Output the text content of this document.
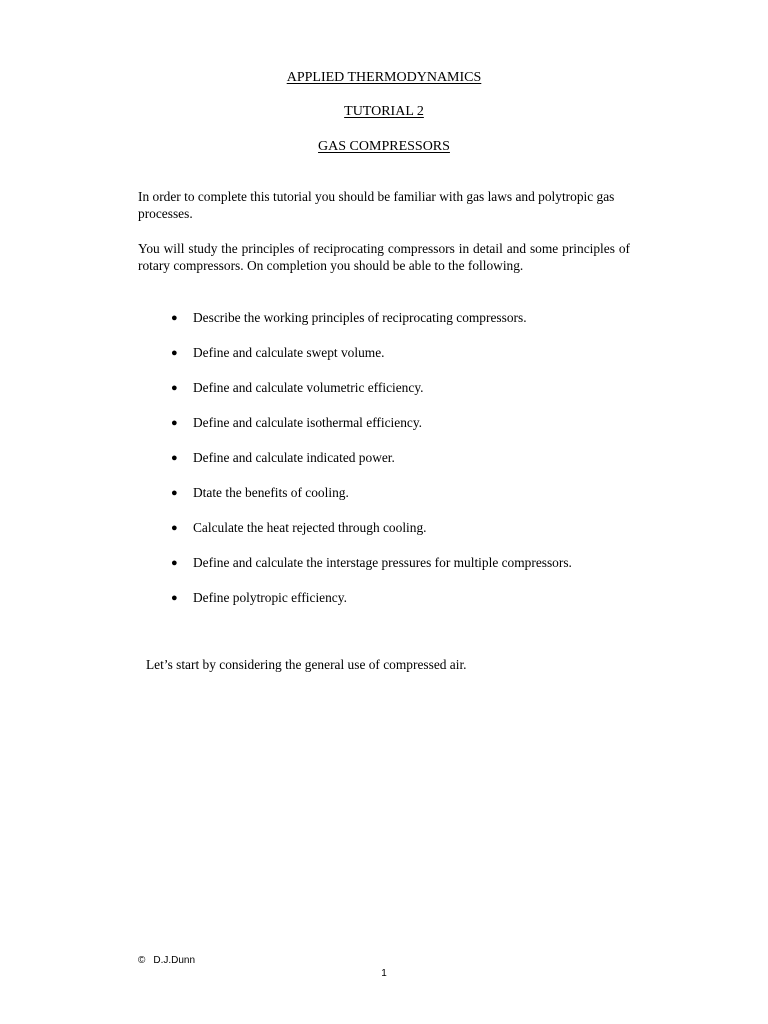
APPLIED THERMODYNAMICS
TUTORIAL 2
GAS COMPRESSORS

In order to complete this tutorial you should be familiar with gas laws and polytropic gas processes.

You will study the principles of reciprocating compressors in detail and some principles of rotary compressors. On completion you should be able to the following.

● Describe the working principles of reciprocating compressors.
● Define and calculate swept volume.
● Define and calculate volumetric efficiency.
● Define and calculate isothermal efficiency.
● Define and calculate indicated power.
● Dtate the benefits of cooling.
● Calculate the heat rejected through cooling.
● Define and calculate the interstage pressures for multiple compressors.
● Define polytropic efficiency.
Let’s start by considering the general use of compressed air.
© D.J.Dunn
1
